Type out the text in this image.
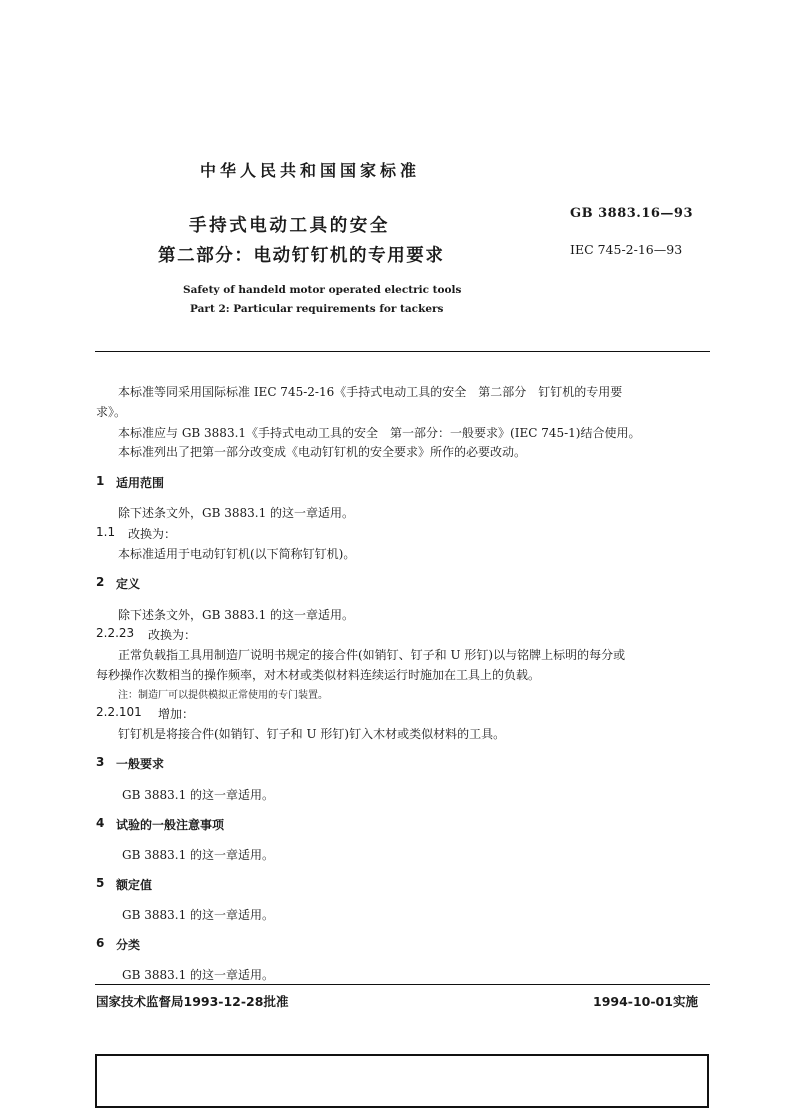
中华人民共和国国家标准
手持式电动工具的安全
第二部分：电动钉钉机的专用要求
GB 3883.16—93
IEC 745-2-16—93
Safety of handeld motor operated electric tools
Part 2: Particular requirements for tackers
本标准等同采用国际标准 IEC 745-2-16《手持式电动工具的安全　第二部分　钉钉机的专用要
求》。
本标准应与 GB 3883.1《手持式电动工具的安全　第一部分：一般要求》(IEC 745-1)结合使用。
本标准列出了把第一部分改变成《电动钉钉机的安全要求》所作的必要改动。
1 适用范围
除下述条文外，GB 3883.1 的这一章适用。
1.1 改换为：
本标准适用于电动钉钉机(以下简称钉钉机)。
2 定义
除下述条文外，GB 3883.1 的这一章适用。
2.2.23 改换为：
正常负载指工具用制造厂说明书规定的接合件(如销钉、钉子和 U 形钉)以与铭牌上标明的每分或
每秒操作次数相当的操作频率，对木材或类似材料连续运行时施加在工具上的负载。
注：制造厂可以提供模拟正常使用的专门装置。
2.2.101 增加：
钉钉机是将接合件(如销钉、钉子和 U 形钉)钉入木材或类似材料的工具。
3 一般要求
GB 3883.1 的这一章适用。
4 试验的一般注意事项
GB 3883.1 的这一章适用。
5 额定值
GB 3883.1 的这一章适用。
6 分类
GB 3883.1 的这一章适用。
国家技术监督局1993-12-28批准	1994-10-01实施
